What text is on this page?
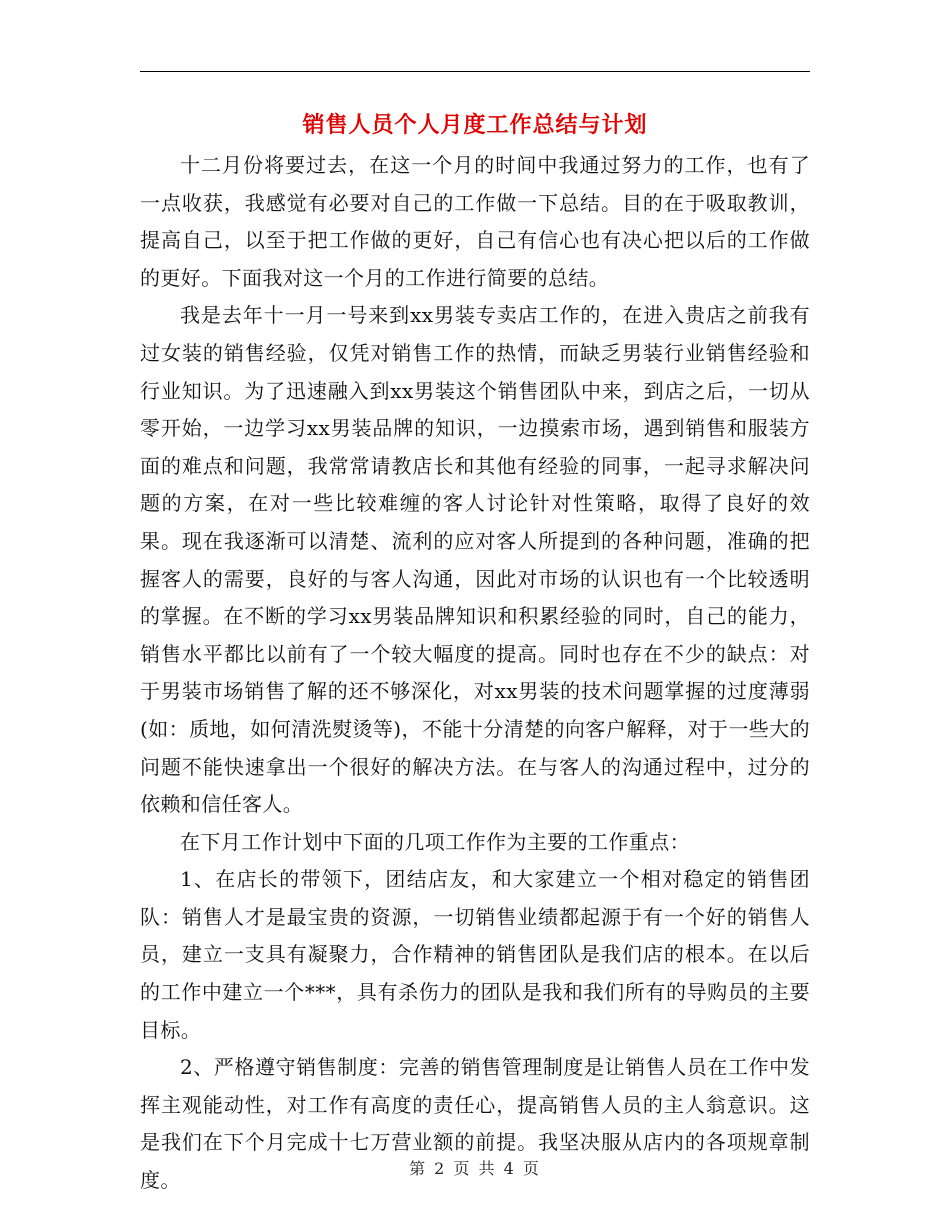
销售人员个人月度工作总结与计划

十二月份将要过去，在这一个月的时间中我通过努力的工作，也有了一点收获，我感觉有必要对自己的工作做一下总结。目的在于吸取教训，提高自己，以至于把工作做的更好，自己有信心也有决心把以后的工作做的更好。下面我对这一个月的工作进行简要的总结。

我是去年十一月一号来到xx男装专卖店工作的，在进入贵店之前我有过女装的销售经验，仅凭对销售工作的热情，而缺乏男装行业销售经验和行业知识。为了迅速融入到xx男装这个销售团队中来，到店之后，一切从零开始，一边学习xx男装品牌的知识，一边摸索市场，遇到销售和服装方面的难点和问题，我常常请教店长和其他有经验的同事，一起寻求解决问题的方案，在对一些比较难缠的客人讨论针对性策略，取得了良好的效果。现在我逐渐可以清楚、流利的应对客人所提到的各种问题，准确的把握客人的需要，良好的与客人沟通，因此对市场的认识也有一个比较透明的掌握。在不断的学习xx男装品牌知识和积累经验的同时，自己的能力，销售水平都比以前有了一个较大幅度的提高。同时也存在不少的缺点：对于男装市场销售了解的还不够深化，对xx男装的技术问题掌握的过度薄弱(如：质地，如何清洗熨烫等)，不能十分清楚的向客户解释，对于一些大的问题不能快速拿出一个很好的解决方法。在与客人的沟通过程中，过分的依赖和信任客人。

在下月工作计划中下面的几项工作作为主要的工作重点：

1、在店长的带领下，团结店友，和大家建立一个相对稳定的销售团队：销售人才是最宝贵的资源，一切销售业绩都起源于有一个好的销售人员，建立一支具有凝聚力，合作精神的销售团队是我们店的根本。在以后的工作中建立一个***，具有杀伤力的团队是我和我们所有的导购员的主要目标。

2、严格遵守销售制度：完善的销售管理制度是让销售人员在工作中发挥主观能动性，对工作有高度的责任心，提高销售人员的主人翁意识。这是我们在下个月完成十七万营业额的前提。我坚决服从店内的各项规章制度。	第 2 页 共 4 页
